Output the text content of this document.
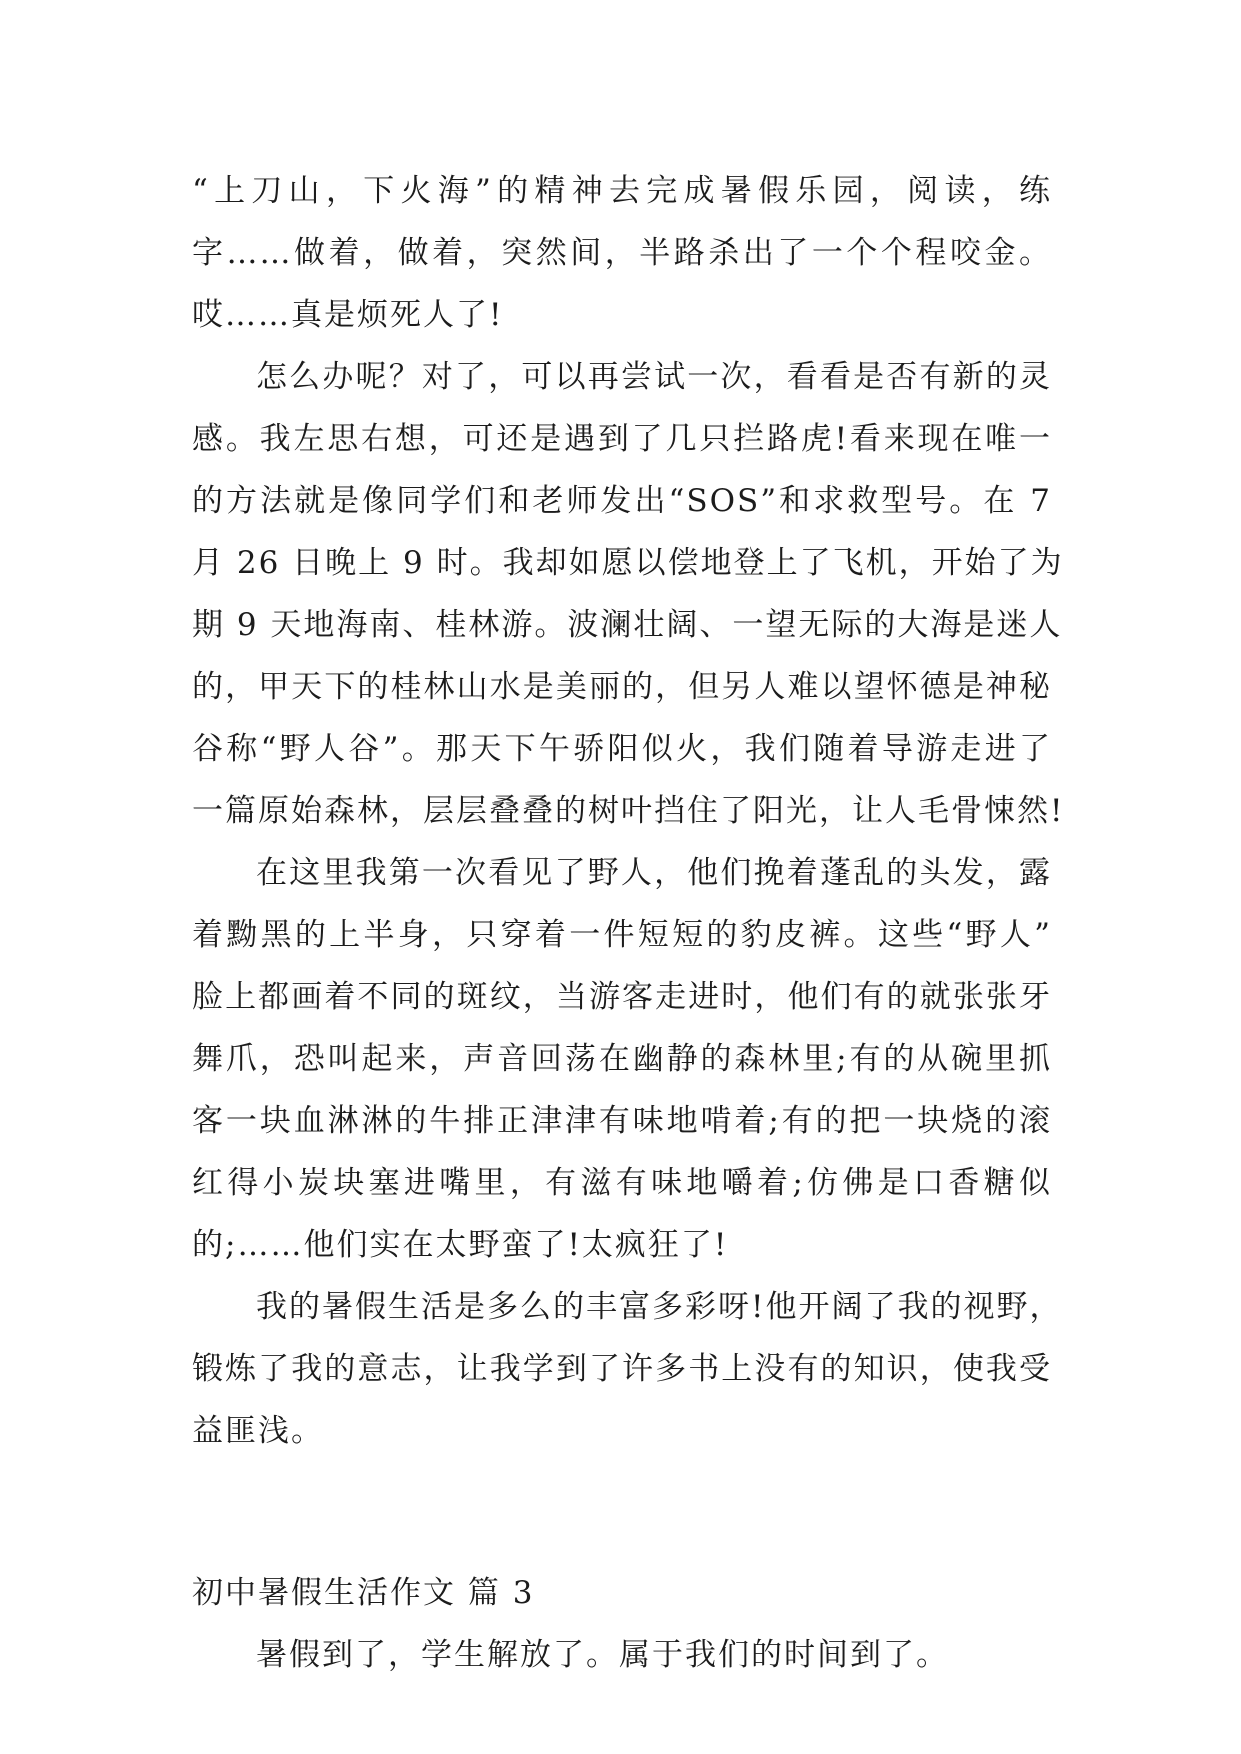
“上刀山，下火海”的精神去完成暑假乐园，阅读，练
字……做着，做着，突然间，半路杀出了一个个程咬金。
哎……真是烦死人了!
怎么办呢？对了，可以再尝试一次，看看是否有新的灵
感。我左思右想，可还是遇到了几只拦路虎!看来现在唯一
的方法就是像同学们和老师发出“SOS”和求救型号。在 7
月 26 日晚上 9 时。我却如愿以偿地登上了飞机，开始了为
期 9 天地海南、桂林游。波澜壮阔、一望无际的大海是迷人
的，甲天下的桂林山水是美丽的，但另人难以望怀德是神秘
谷称“野人谷”。那天下午骄阳似火，我们随着导游走进了
一篇原始森林，层层叠叠的树叶挡住了阳光，让人毛骨悚然!
在这里我第一次看见了野人，他们挽着蓬乱的头发，露
着黝黑的上半身，只穿着一件短短的豹皮裤。这些“野人”
脸上都画着不同的斑纹，当游客走进时，他们有的就张张牙
舞爪，恐叫起来，声音回荡在幽静的森林里;有的从碗里抓
客一块血淋淋的牛排正津津有味地啃着;有的把一块烧的滚
红得小炭块塞进嘴里，有滋有味地嚼着;仿佛是口香糖似
的;……他们实在太野蛮了!太疯狂了!
我的暑假生活是多么的丰富多彩呀!他开阔了我的视野，
锻炼了我的意志，让我学到了许多书上没有的知识，使我受
益匪浅。
初中暑假生活作文 篇 3
暑假到了，学生解放了。属于我们的时间到了。
